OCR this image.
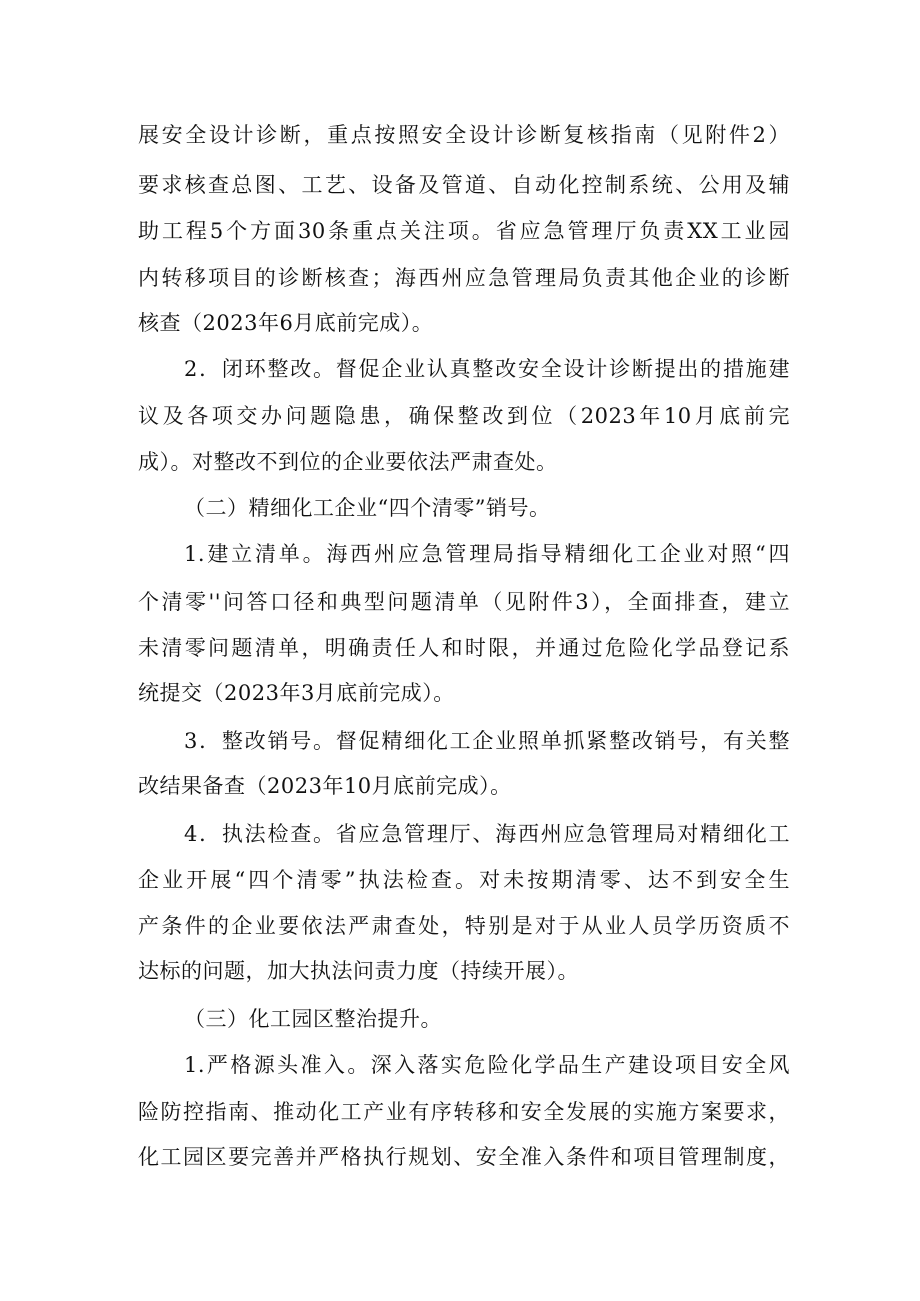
展安全设计诊断，重点按照安全设计诊断复核指南（见附件2）
要求核查总图、工艺、设备及管道、自动化控制系统、公用及辅
助工程5个方面30条重点关注项。省应急管理厅负责XX工业园
内转移项目的诊断核查；海西州应急管理局负责其他企业的诊断
核查（2023年6月底前完成）。
2．闭环整改。督促企业认真整改安全设计诊断提出的措施建
议及各项交办问题隐患，确保整改到位（2023年10月底前完
成）。对整改不到位的企业要依法严肃查处。
（二）精细化工企业“四个清零”销号。
1.建立清单。海西州应急管理局指导精细化工企业对照“四
个清零''问答口径和典型问题清单（见附件3），全面排查，建立
未清零问题清单，明确责任人和时限，并通过危险化学品登记系
统提交（2023年3月底前完成）。
3．整改销号。督促精细化工企业照单抓紧整改销号，有关整
改结果备查（2023年10月底前完成）。
4．执法检查。省应急管理厅、海西州应急管理局对精细化工
企业开展“四个清零”执法检查。对未按期清零、达不到安全生
产条件的企业要依法严肃查处，特别是对于从业人员学历资质不
达标的问题，加大执法问责力度（持续开展）。
（三）化工园区整治提升。
1.严格源头准入。深入落实危险化学品生产建设项目安全风
险防控指南、推动化工产业有序转移和安全发展的实施方案要求，
化工园区要完善并严格执行规划、安全准入条件和项目管理制度，
